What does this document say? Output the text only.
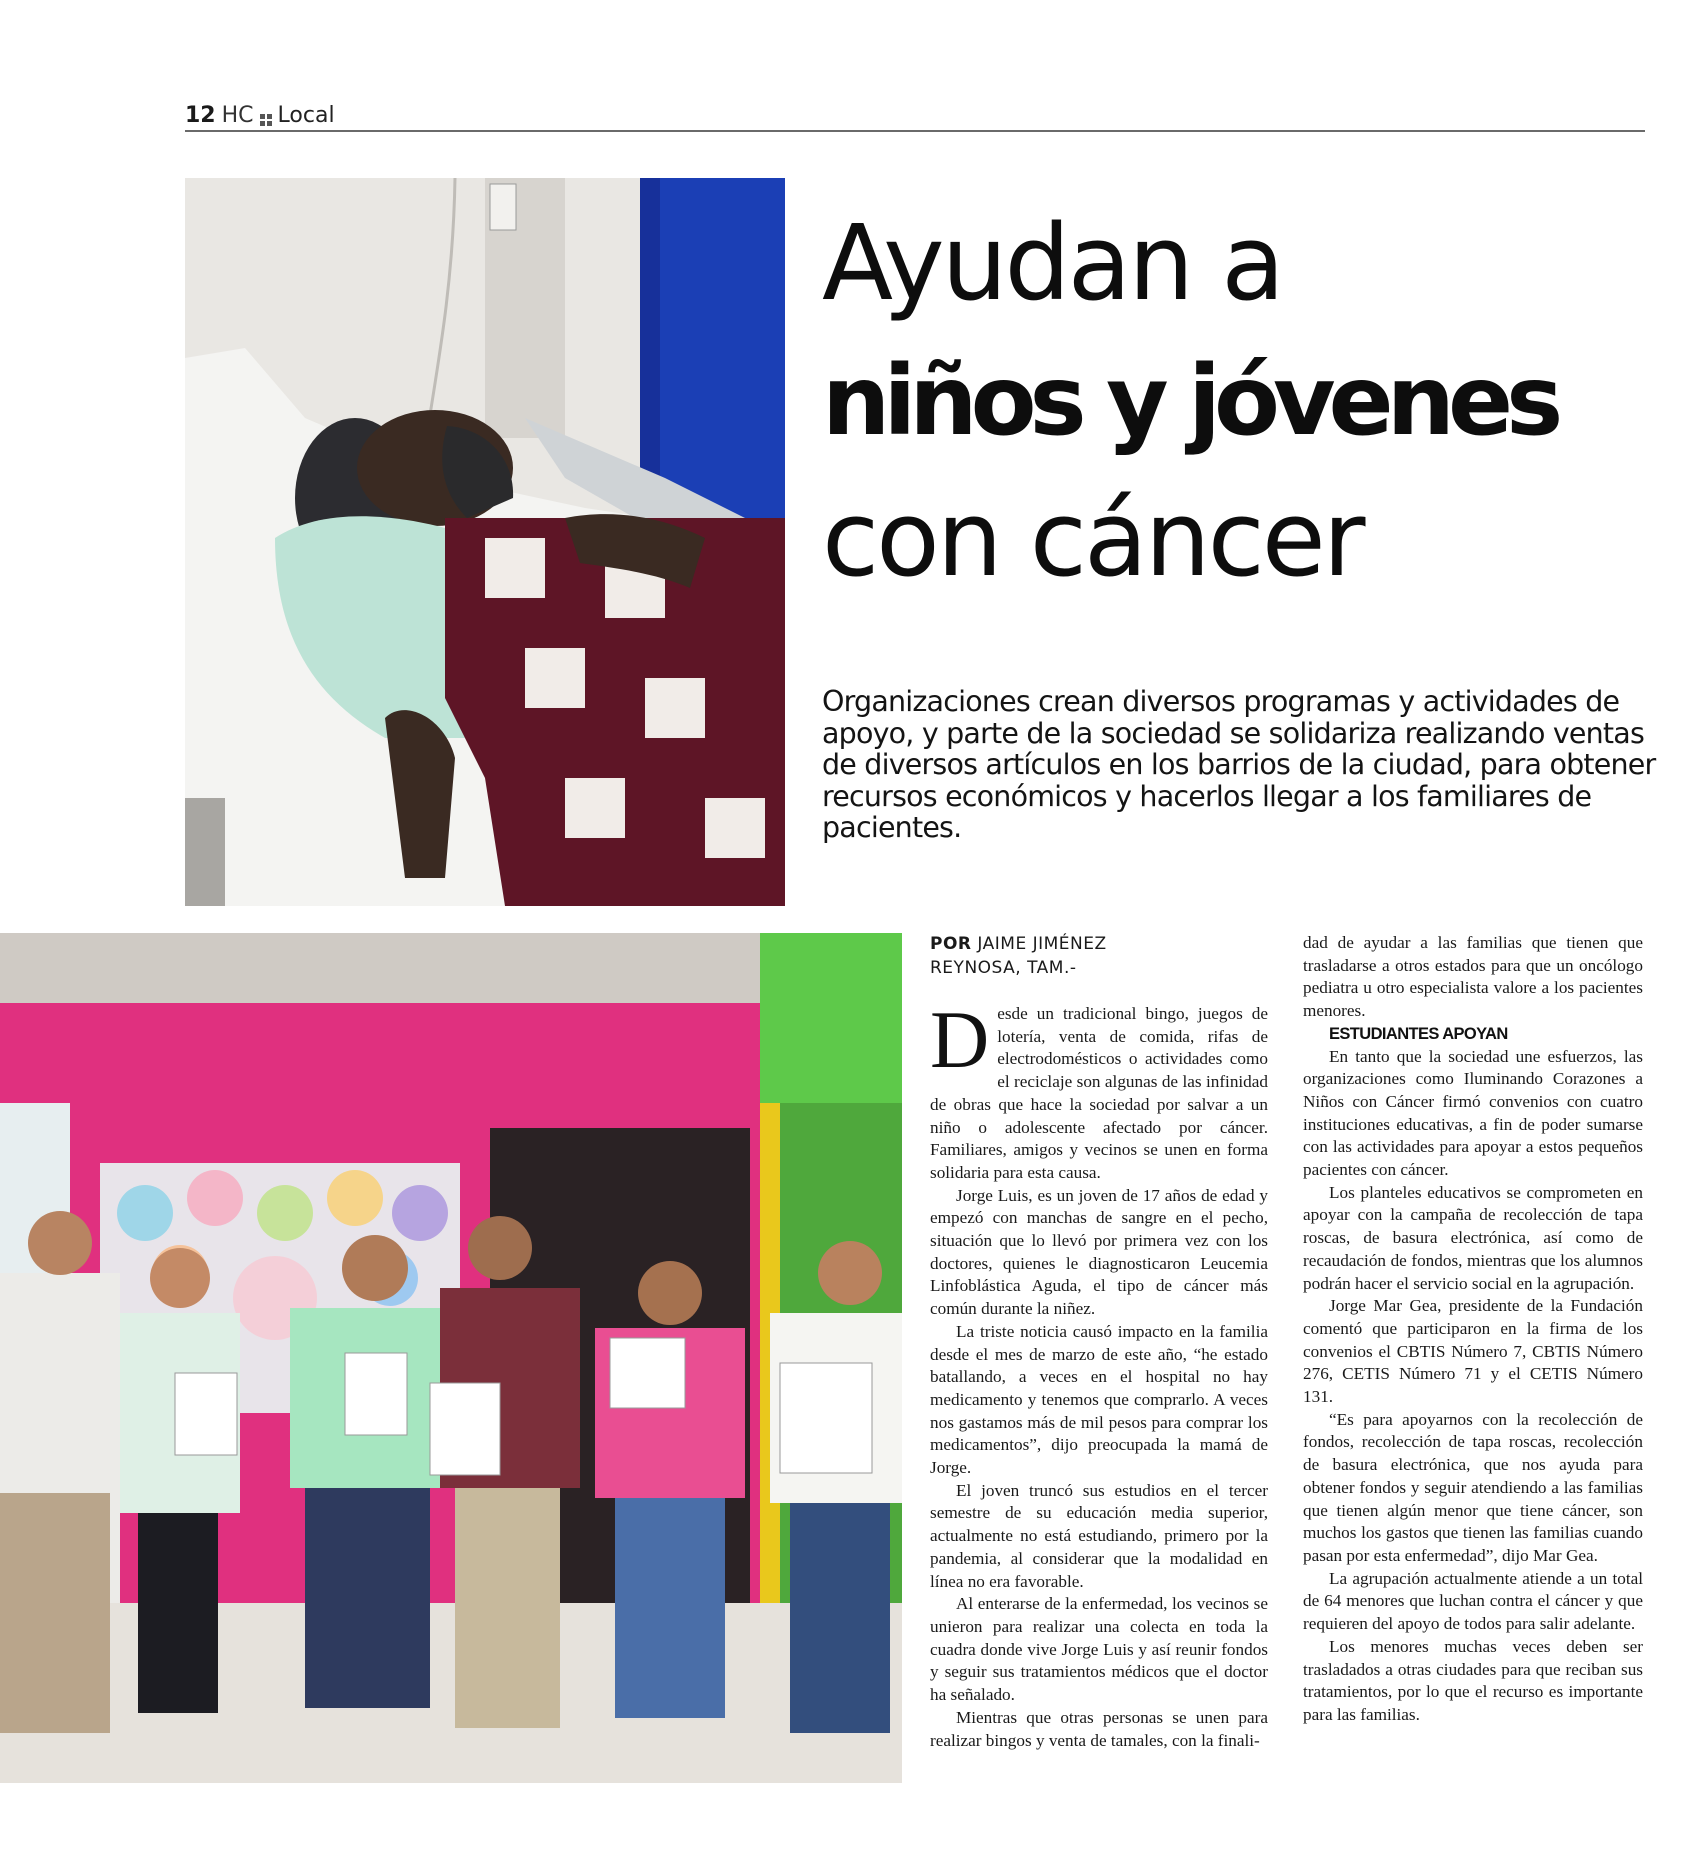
12 HC Local
Ayudan a
niños y jóvenes
con cáncer

Organizaciones crean diversos programas y actividades de apoyo, y parte de la sociedad se solidariza realizando ventas de diversos artículos en los barrios de la ciudad, para obtener recursos económicos y hacerlos llegar a los familiares de pacientes.

POR JAIME JIMÉNEZ
REYNOSA, TAM.-

Desde un tradicional bingo, juegos de lotería, venta de comida, rifas de electrodomésticos o actividades como el reciclaje son algunas de las infinidad de obras que hace la sociedad por salvar a un niño o adolescente afectado por cáncer. Familiares, amigos y vecinos se unen en forma solidaria para esta causa.

Jorge Luis, es un joven de 17 años de edad y empezó con manchas de sangre en el pecho, situación que lo llevó por primera vez con los doctores, quienes le diagnosticaron Leucemia Linfoblástica Aguda, el tipo de cáncer más común durante la niñez.

La triste noticia causó impacto en la familia desde el mes de marzo de este año, “he estado batallando, a veces en el hospital no hay medicamento y tenemos que comprarlo. A veces nos gastamos más de mil pesos para comprar los medicamentos”, dijo preocupada la mamá de Jorge.

El joven truncó sus estudios en el tercer semestre de su educación media superior, actualmente no está estudiando, primero por la pandemia, al considerar que la modalidad en línea no era favorable.

Al enterarse de la enfermedad, los vecinos se unieron para realizar una colecta en toda la cuadra donde vive Jorge Luis y así reunir fondos y seguir sus tratamientos médicos que el doctor ha señalado.

Mientras que otras personas se unen para realizar bingos y venta de tamales, con la finali-

dad de ayudar a las familias que tienen que trasladarse a otros estados para que un oncólogo pediatra u otro especialista valore a los pacientes menores.

ESTUDIANTES APOYAN

En tanto que la sociedad une esfuerzos, las organizaciones como Iluminando Corazones a Niños con Cáncer firmó convenios con cuatro instituciones educativas, a fin de poder sumarse con las actividades para apoyar a estos pequeños pacientes con cáncer.

Los planteles educativos se comprometen en apoyar con la campaña de recolección de tapa roscas, de basura electrónica, así como de recaudación de fondos, mientras que los alumnos podrán hacer el servicio social en la agrupación.

Jorge Mar Gea, presidente de la Fundación comentó que participaron en la firma de los convenios el CBTIS Número 7, CBTIS Número 276, CETIS Número 71 y el CETIS Número 131.

“Es para apoyarnos con la recolección de fondos, recolección de tapa roscas, recolección de basura electrónica, que nos ayuda para obtener fondos y seguir atendiendo a las familias que tienen algún menor que tiene cáncer, son muchos los gastos que tienen las familias cuando pasan por esta enfermedad”, dijo Mar Gea.

La agrupación actualmente atiende a un total de 64 menores que luchan contra el cáncer y que requieren del apoyo de todos para salir adelante.

Los menores muchas veces deben ser trasladados a otras ciudades para que reciban sus tratamientos, por lo que el recurso es importante para las familias.
